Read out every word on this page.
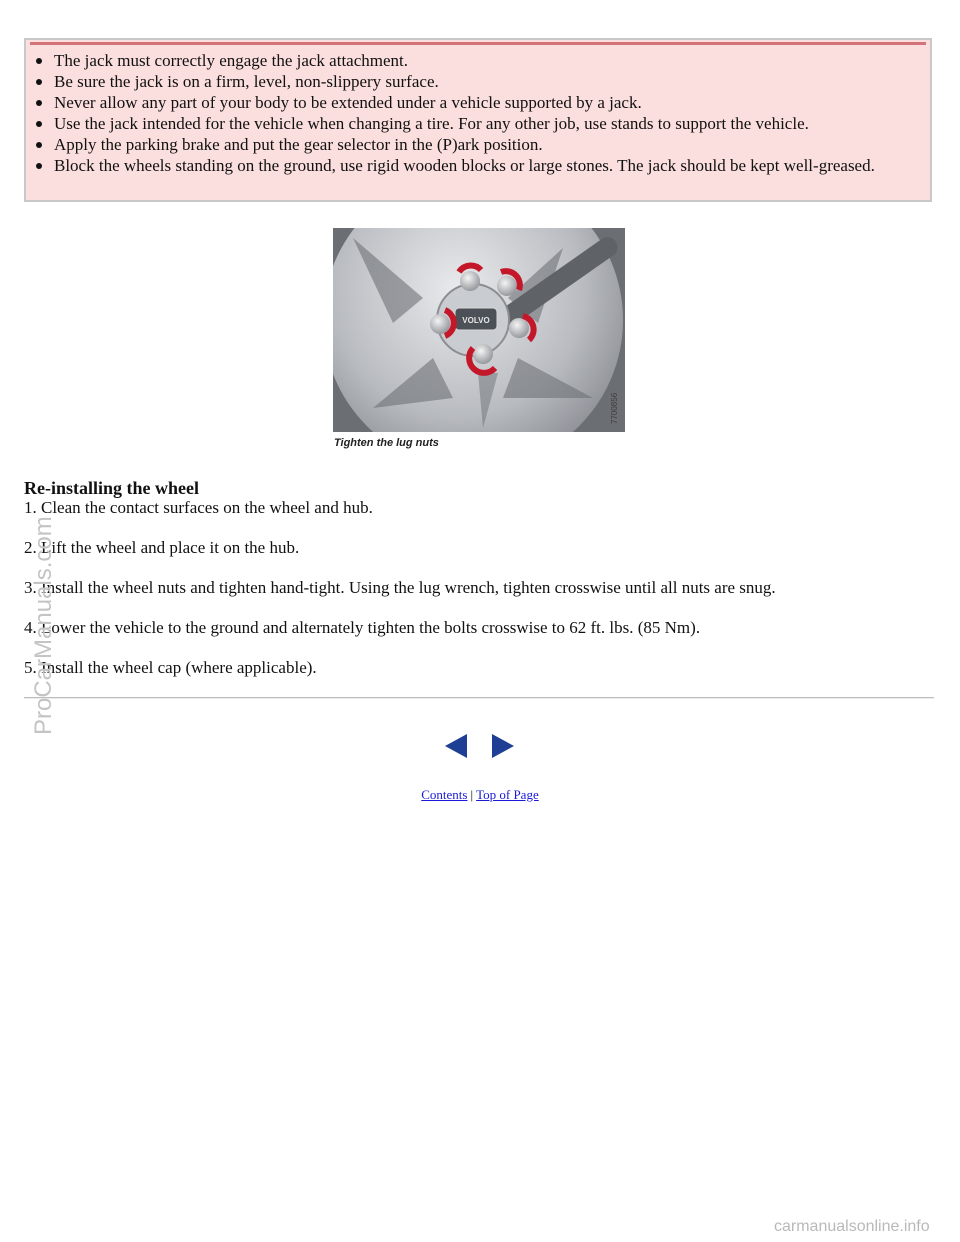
The jack must correctly engage the jack attachment.
Be sure the jack is on a firm, level, non-slippery surface.
Never allow any part of your body to be extended under a vehicle supported by a jack.
Use the jack intended for the vehicle when changing a tire. For any other job, use stands to support the vehicle.
Apply the parking brake and put the gear selector in the (P)ark position.
Block the wheels standing on the ground, use rigid wooden blocks or large stones. The jack should be kept well-greased.
VOLVO
7700856
Tighten the lug nuts
Re-installing the wheel

1. Clean the contact surfaces on the wheel and hub.

2. Lift the wheel and place it on the hub.

3. Install the wheel nuts and tighten hand-tight. Using the lug wrench, tighten crosswise until all nuts are snug.

4. Lower the vehicle to the ground and alternately tighten the bolts crosswise to 62 ft. lbs. (85 Nm).

5. Install the wheel cap (where applicable).

Contents | Top of Page
ProCarManuals.com
carmanualsonline.info
